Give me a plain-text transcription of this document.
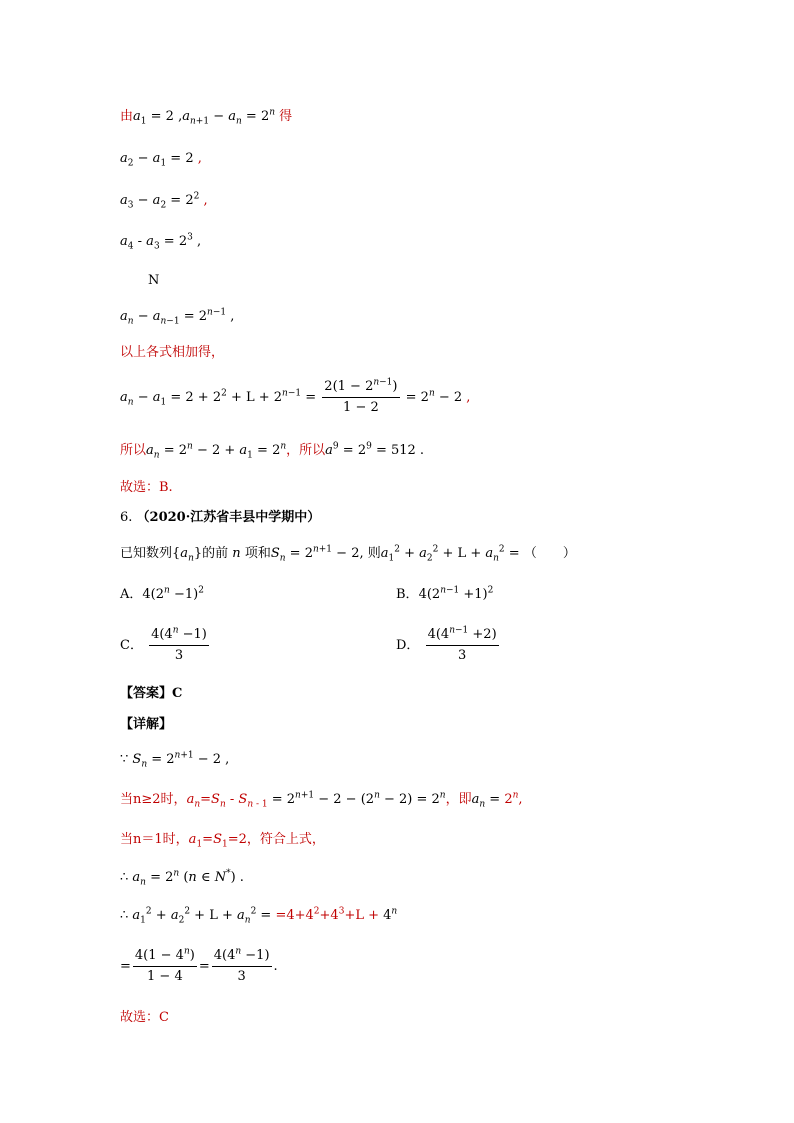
由$a_1 = 2$ $,a_{n+1} - a_n = 2^n$ 得
$a_2 - a_1 = 2$ ,
$a_3 - a_2 = 2^2$ ,
$a_4 - a_3 = 2^3$ ,
N
$a_n - a_{n-1} = 2^{n-1}$ ,
以上各式相加得，
$a_n - a_1 = 2 + 2^2 + L + 2^{n-1} = \frac{2(1 - 2^{n-1})}{1 - 2} = 2^n - 2$ ,
所以$a_n = 2^n - 2 + a_1 = 2^n$，所以$a^9 = 2^9 = 512$ .
故选：B.
6. （2020·江苏省丰县中学期中）
已知数列$\{a_n\}$的前 n 项和$S_n = 2^{n+1} - 2$, 则$a_1^2 + a_2^2 + L + a_n^2$ = （　　）
A．$4(2^n -1)^2$	B．$4(2^{n-1} +1)^2$
C． $\frac{4(4^n -1)}{3}$	D． $\frac{4(4^{n-1} +2)}{3}$
【答案】C
【详解】
∵ $S_n = 2^{n+1} - 2$ ,
当n≥2时，$a_n=S_n - S_{n - 1} = 2^{n+1} - 2 - (2^n - 2) = 2^n$，即$a_n = 2^n$,
当n＝1时，$a_1=S_1=2$，符合上式，
∴ $a_n = 2^n$ (n ∈ N*) .
∴ $a_1^2 + a_2^2 + L + a_n^2 = =4+4^2+4^3+L + 4^n$
= $\frac{4(1 - 4^n)}{1 - 4} = \frac{4(4^n -1)}{3}$ .
故选：C
